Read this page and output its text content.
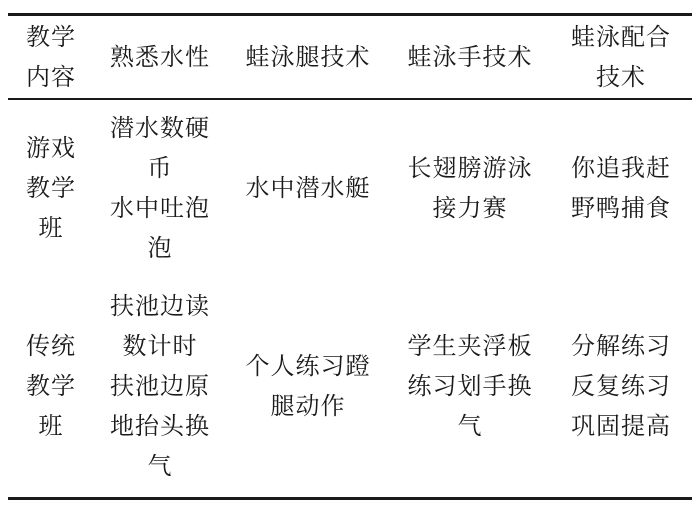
教学
内容
熟悉水性 蛙泳腿技术 蛙泳手技术
蛙泳配合
技术
游戏
教学
班
潜水数硬
币
水中吐泡
泡
水中潜水艇
长翅膀游泳
接力赛
你追我赶
野鸭捕食
传统
教学
班
扶池边读
数计时
扶池边原
地抬头换
气
个人练习蹬
腿动作
学生夹浮板
练习划手换
气
分解练习
反复练习
巩固提高
